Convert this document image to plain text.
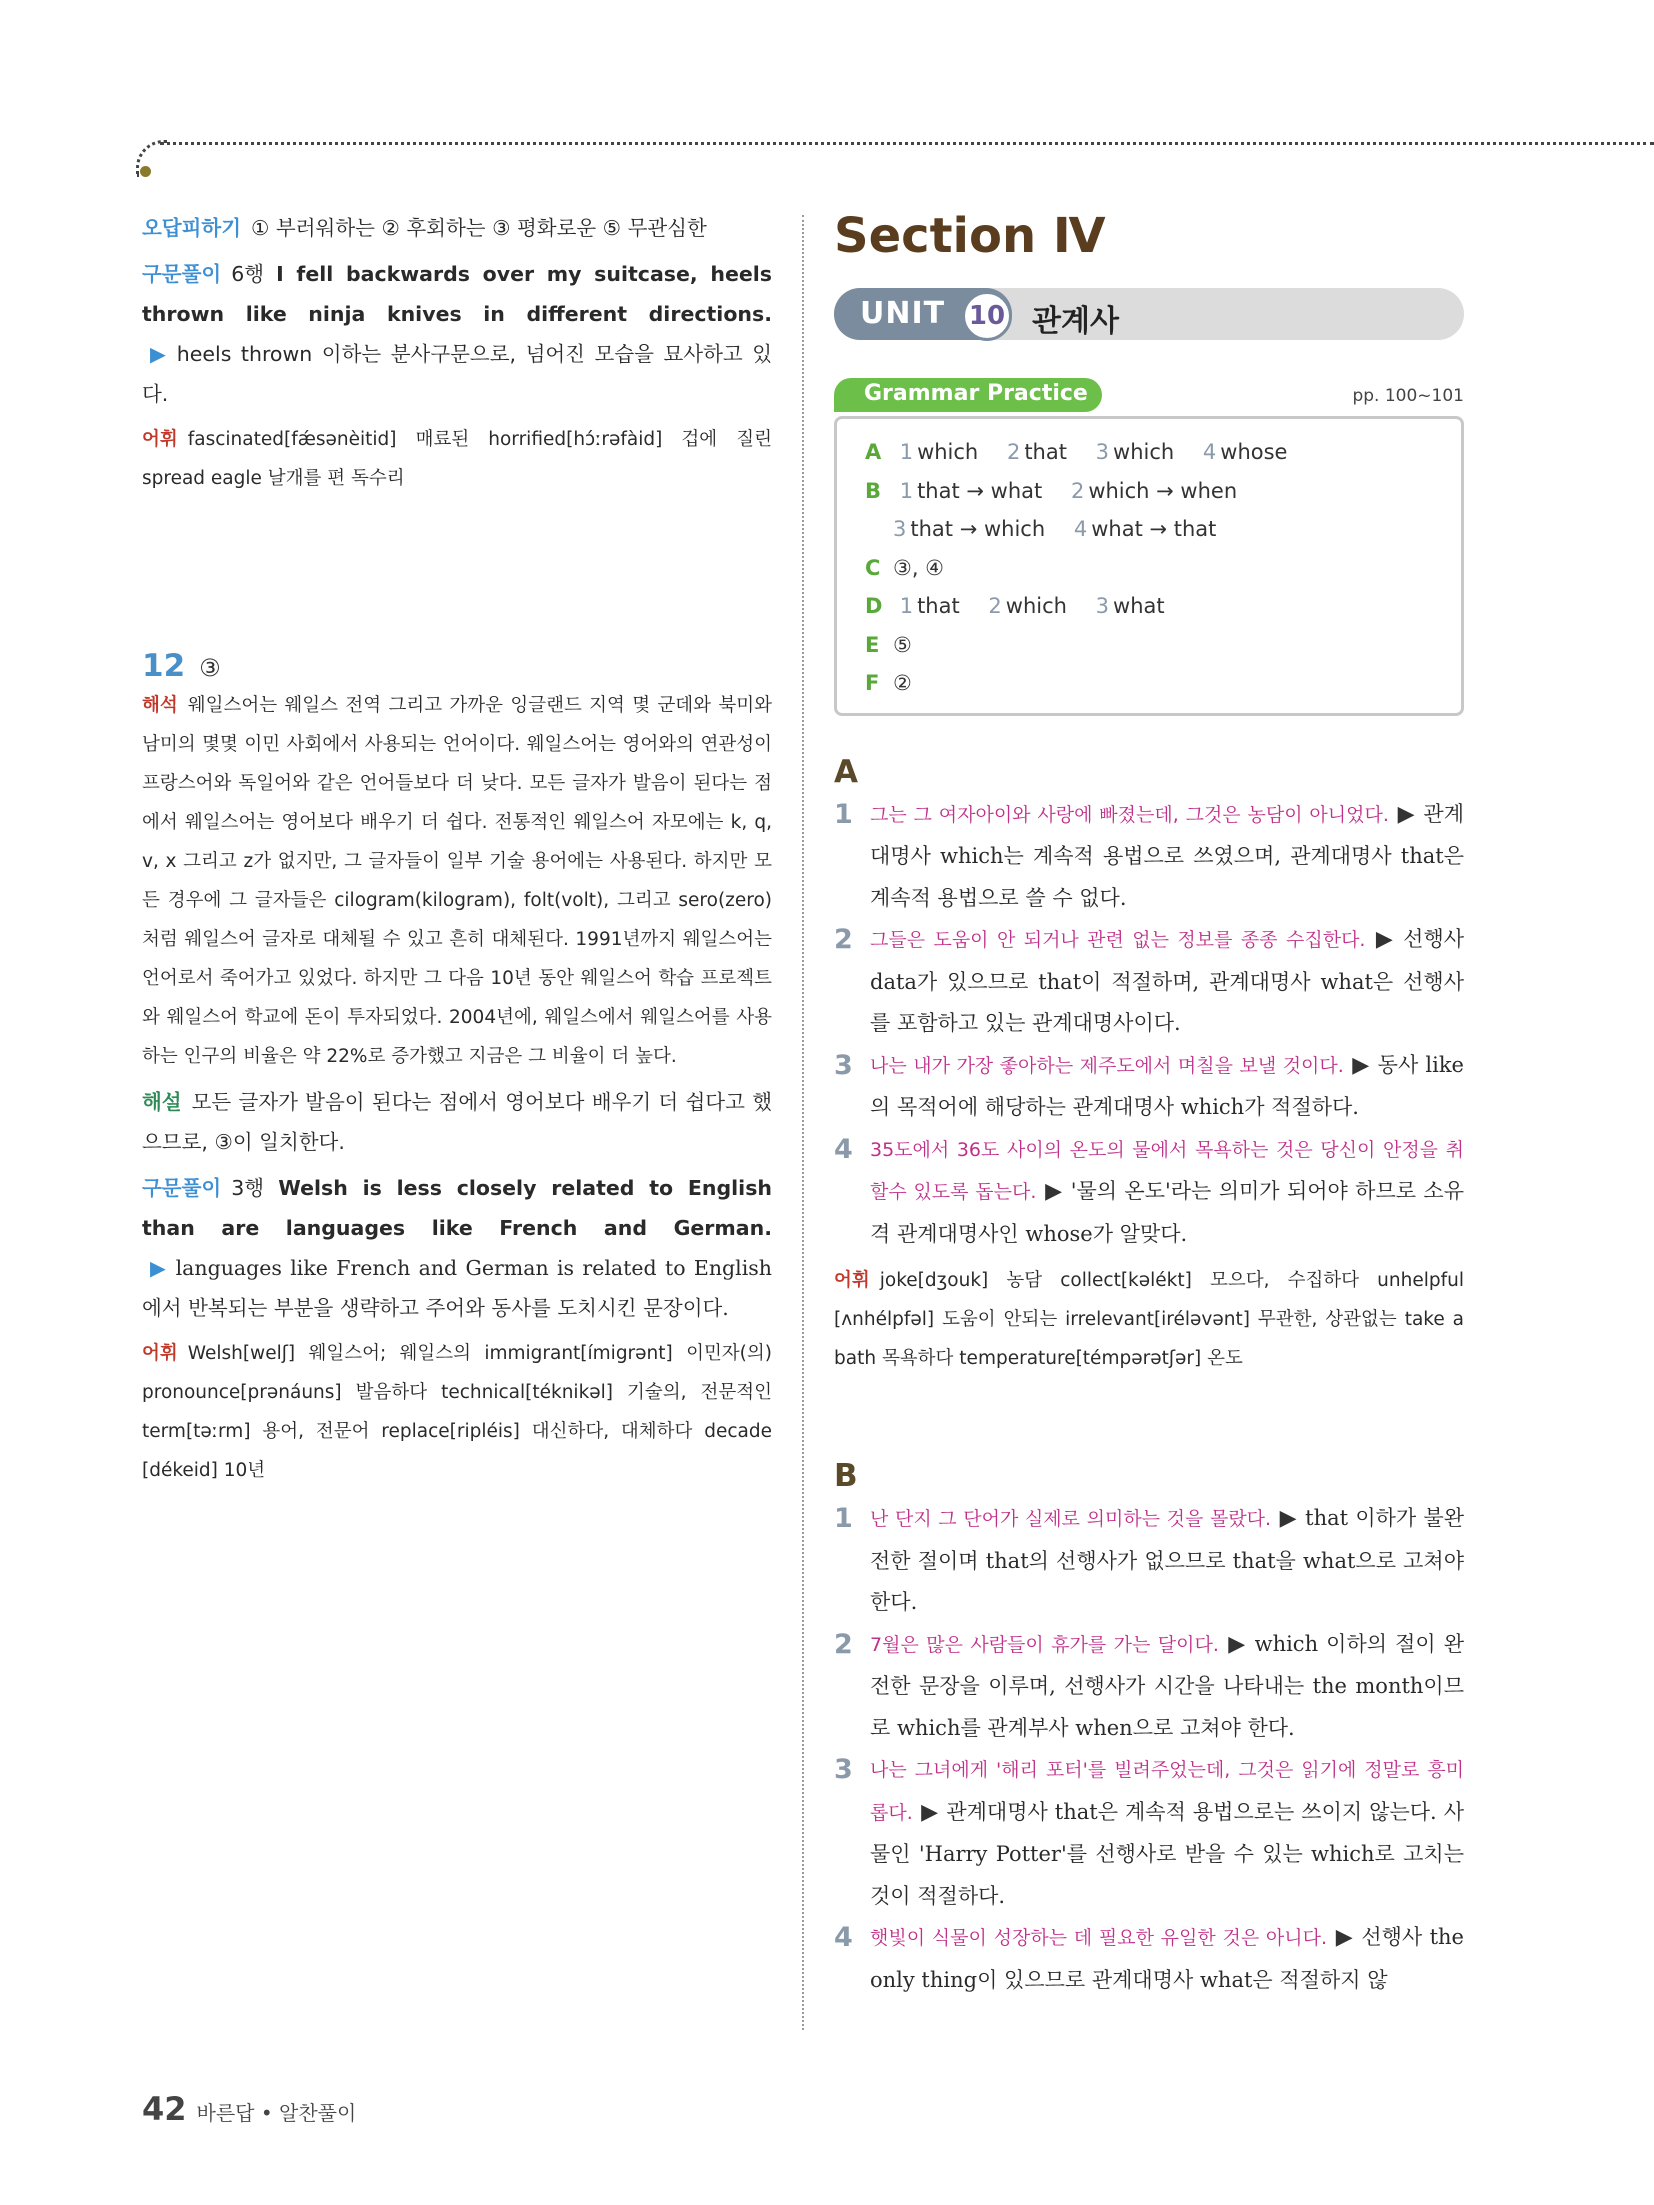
오답피하기 ① 부러워하는 ② 후회하는 ③ 평화로운 ⑤ 무관심한

구문풀이 6행 I fell backwards over my suitcase, heels thrown like ninja knives in different directions. ▶ heels thrown 이하는 분사구문으로, 넘어진 모습을 묘사하고 있다.

어휘 fascinated[fǽsənèitid] 매료된 horrified[hɔ́ːrəfàid] 겁에 질린 spread eagle 날개를 편 독수리

12 ③

해석 웨일스어는 웨일스 전역 그리고 가까운 잉글랜드 지역 몇 군데와 북미와 남미의 몇몇 이민 사회에서 사용되는 언어이다. 웨일스어는 영어와의 연관성이 프랑스어와 독일어와 같은 언어들보다 더 낮다. 모든 글자가 발음이 된다는 점에서 웨일스어는 영어보다 배우기 더 쉽다. 전통적인 웨일스어 자모에는 k, q, v, x 그리고 z가 없지만, 그 글자들이 일부 기술 용어에는 사용된다. 하지만 모든 경우에 그 글자들은 cilogram(kilogram), folt(volt), 그리고 sero(zero)처럼 웨일스어 글자로 대체될 수 있고 흔히 대체된다. 1991년까지 웨일스어는 언어로서 죽어가고 있었다. 하지만 그 다음 10년 동안 웨일스어 학습 프로젝트와 웨일스어 학교에 돈이 투자되었다. 2004년에, 웨일스에서 웨일스어를 사용하는 인구의 비율은 약 22%로 증가했고 지금은 그 비율이 더 높다.

해설 모든 글자가 발음이 된다는 점에서 영어보다 배우기 더 쉽다고 했으므로, ③이 일치한다.

구문풀이 3행 Welsh is less closely related to English than are languages like French and German. ▶ languages like French and German is related to English에서 반복되는 부분을 생략하고 주어와 동사를 도치시킨 문장이다.

어휘 Welsh[welʃ] 웨일스어; 웨일스의 immigrant[ímigrənt] 이민자(의) pronounce[prənáuns] 발음하다 technical[téknikəl] 기술의, 전문적인 term[təːrm] 용어, 전문어 replace[ripléis] 대신하다, 대체하다 decade [dékeid] 10년

Section Ⅳ
UNIT 10 관계사
Grammar Practice	pp. 100~101
A 1 which 2 that 3 which 4 whose
B 1 that → what 2 which → when
3 that → which 4 what → that
C ③, ④
D 1 that 2 which 3 what
E ⑤
F ②
A
1 그는 그 여자아이와 사랑에 빠졌는데, 그것은 농담이 아니었다. ▶ 관계대명사 which는 계속적 용법으로 쓰였으며, 관계대명사 that은 계속적 용법으로 쓸 수 없다.
2 그들은 도움이 안 되거나 관련 없는 정보를 종종 수집한다. ▶ 선행사 data가 있으므로 that이 적절하며, 관계대명사 what은 선행사를 포함하고 있는 관계대명사이다.
3 나는 내가 가장 좋아하는 제주도에서 며칠을 보낼 것이다. ▶ 동사 like의 목적어에 해당하는 관계대명사 which가 적절하다.
4 35도에서 36도 사이의 온도의 물에서 목욕하는 것은 당신이 안정을 취할수 있도록 돕는다. ▶ '물의 온도'라는 의미가 되어야 하므로 소유격 관계대명사인 whose가 알맞다.

어휘 joke[dʒouk] 농담 collect[kəlékt] 모으다, 수집하다 unhelpful [ʌnhélpfəl] 도움이 안되는 irrelevant[iréləvənt] 무관한, 상관없는 take a bath 목욕하다 temperature[témpərətʃər] 온도

B
1 난 단지 그 단어가 실제로 의미하는 것을 몰랐다. ▶ that 이하가 불완전한 절이며 that의 선행사가 없으므로 that을 what으로 고쳐야 한다.
2 7월은 많은 사람들이 휴가를 가는 달이다. ▶ which 이하의 절이 완전한 문장을 이루며, 선행사가 시간을 나타내는 the month이므로 which를 관계부사 when으로 고쳐야 한다.
3 나는 그녀에게 '해리 포터'를 빌려주었는데, 그것은 읽기에 정말로 흥미롭다. ▶ 관계대명사 that은 계속적 용법으로는 쓰이지 않는다. 사물인 'Harry Potter'를 선행사로 받을 수 있는 which로 고치는 것이 적절하다.
4 햇빛이 식물이 성장하는 데 필요한 유일한 것은 아니다. ▶ 선행사 the only thing이 있으므로 관계대명사 what은 적절하지 않
42 바른답 • 알찬풀이
